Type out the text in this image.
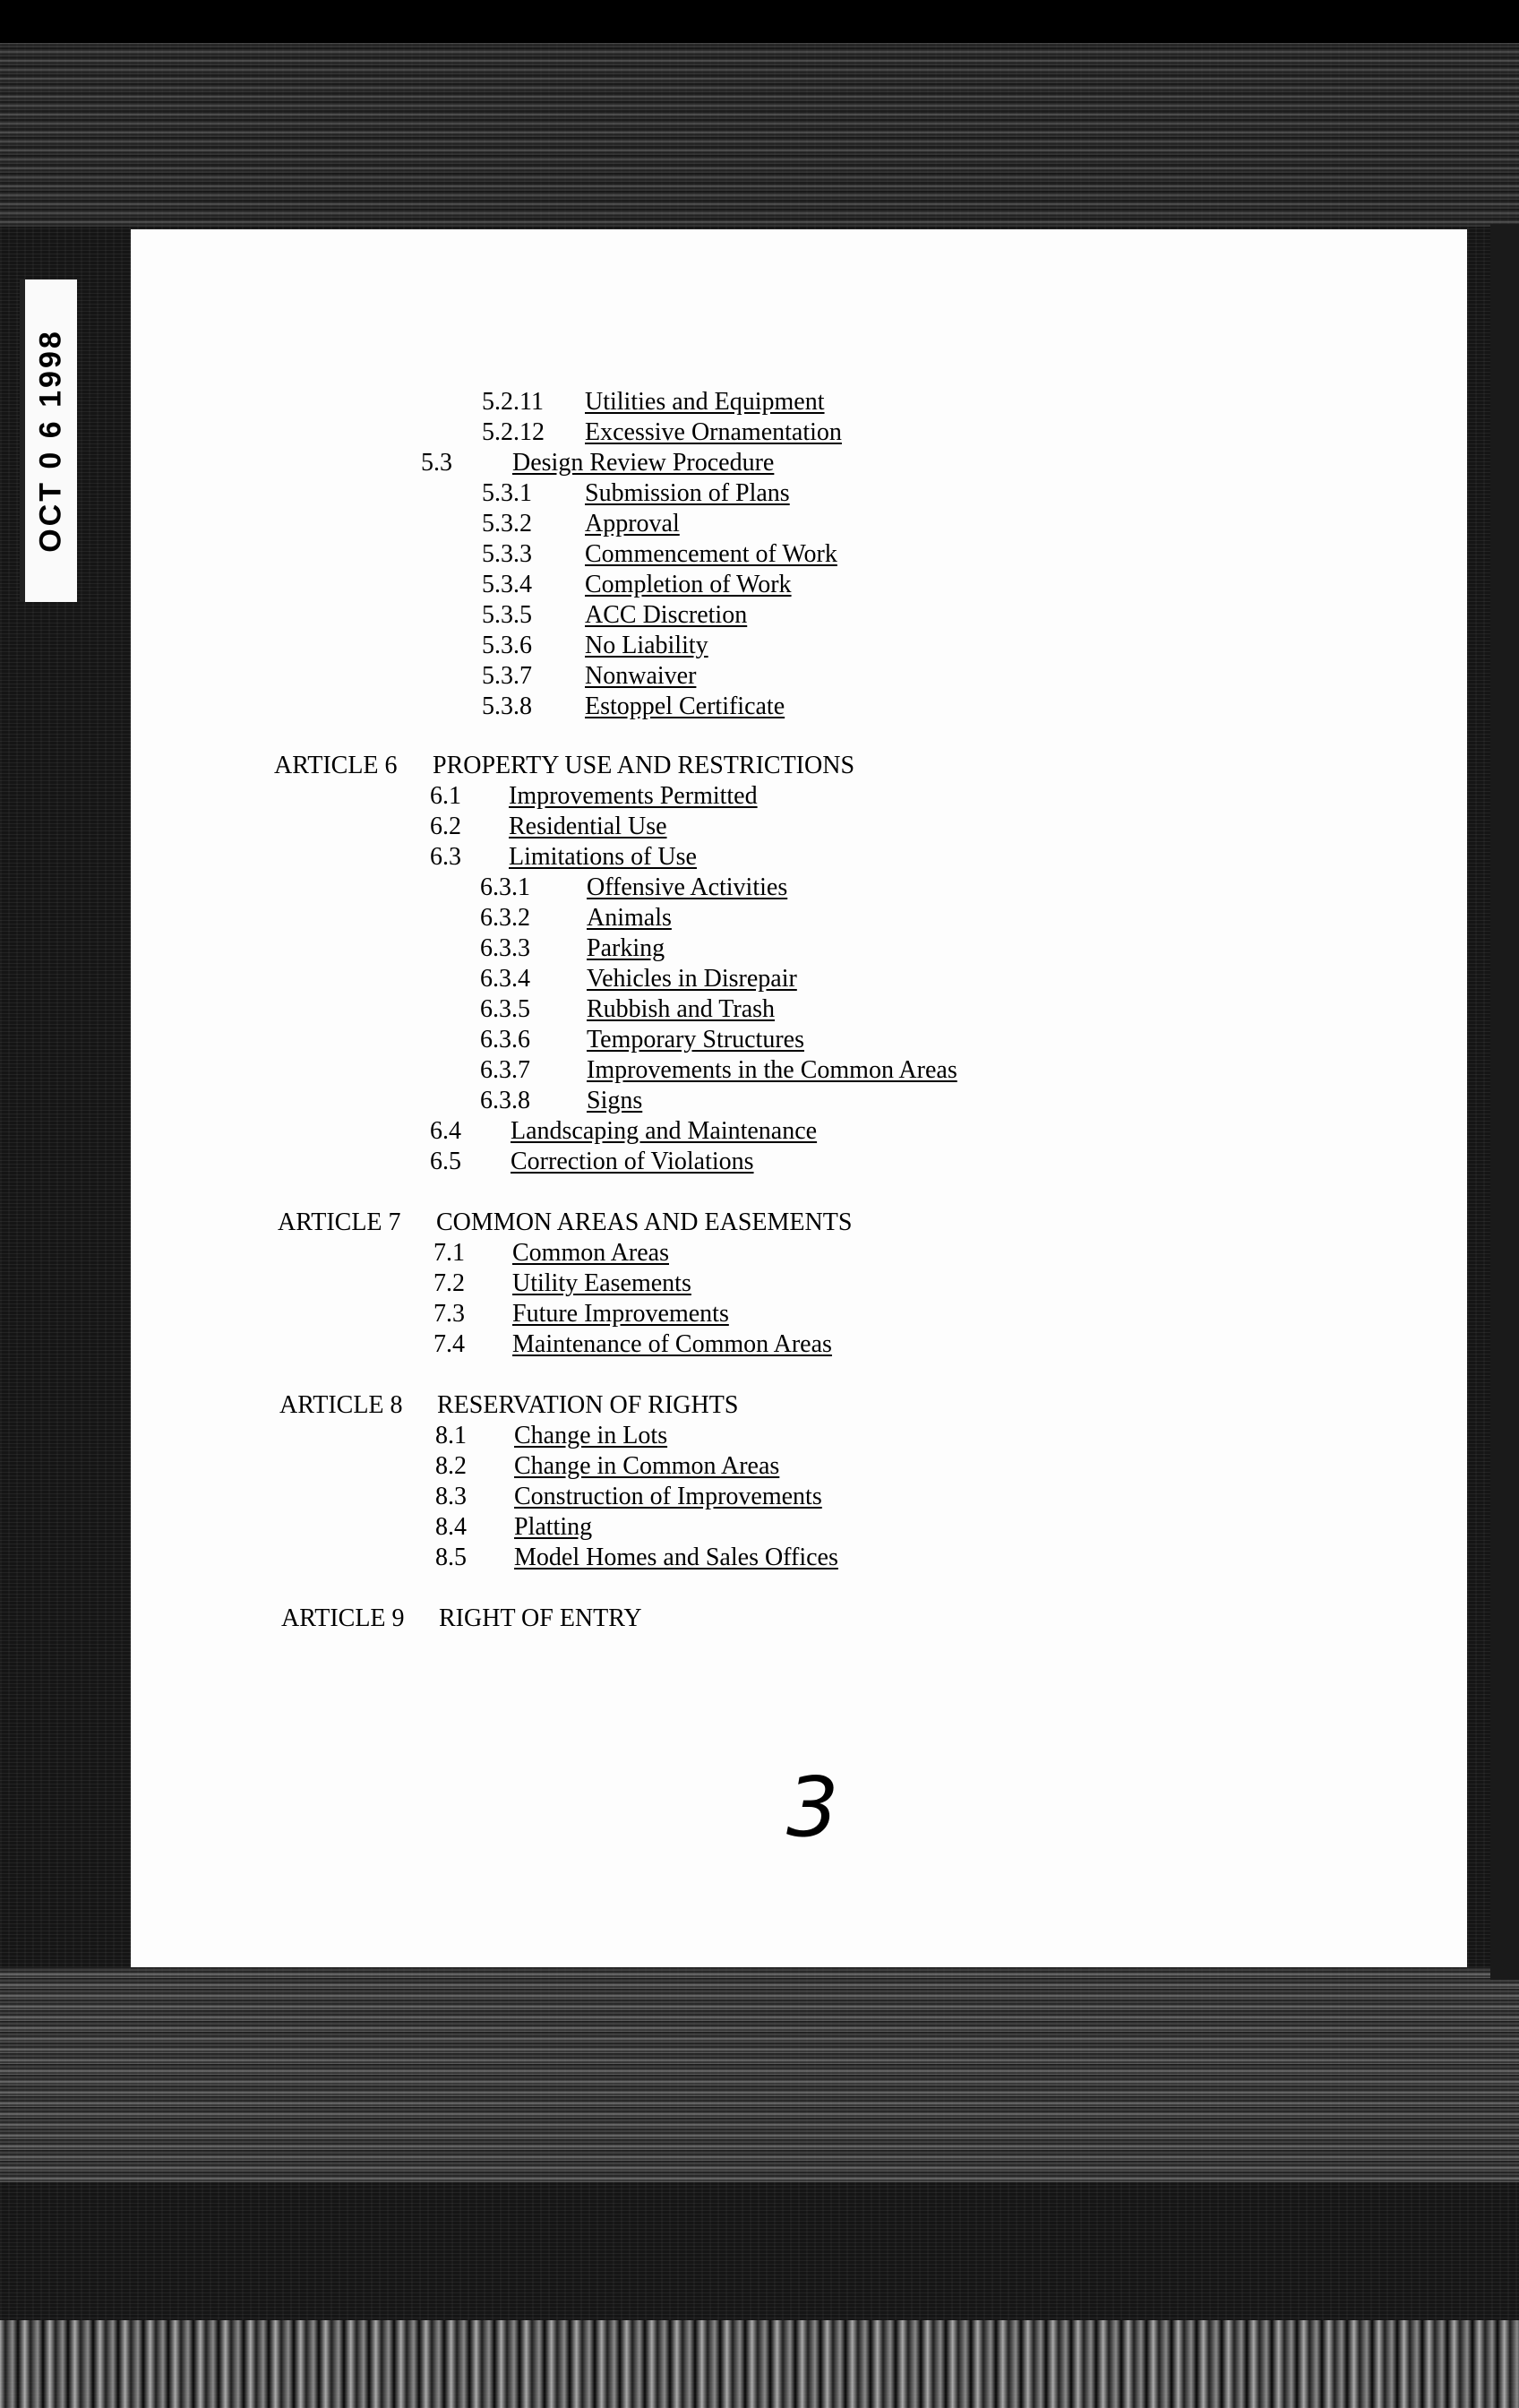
OCT 0 6 1998	5.2.11 Utilities and Equipment
5.2.12 Excessive Ornamentation
5.3 Design Review Procedure
5.3.1 Submission of Plans
5.3.2 Approval
5.3.3 Commencement of Work
5.3.4 Completion of Work
5.3.5 ACC Discretion
5.3.6 No Liability
5.3.7 Nonwaiver
5.3.8 Estoppel Certificate
ARTICLE 6 PROPERTY USE AND RESTRICTIONS
6.1 Improvements Permitted
6.2 Residential Use
6.3 Limitations of Use
6.3.1 Offensive Activities
6.3.2 Animals
6.3.3 Parking
6.3.4 Vehicles in Disrepair
6.3.5 Rubbish and Trash
6.3.6 Temporary Structures
6.3.7 Improvements in the Common Areas
6.3.8 Signs
6.4 Landscaping and Maintenance
6.5 Correction of Violations
ARTICLE 7 COMMON AREAS AND EASEMENTS
7.1 Common Areas
7.2 Utility Easements
7.3 Future Improvements
7.4 Maintenance of Common Areas
ARTICLE 8 RESERVATION OF RIGHTS
8.1 Change in Lots
8.2 Change in Common Areas
8.3 Construction of Improvements
8.4 Platting
8.5 Model Homes and Sales Offices
ARTICLE 9 RIGHT OF ENTRY
3
